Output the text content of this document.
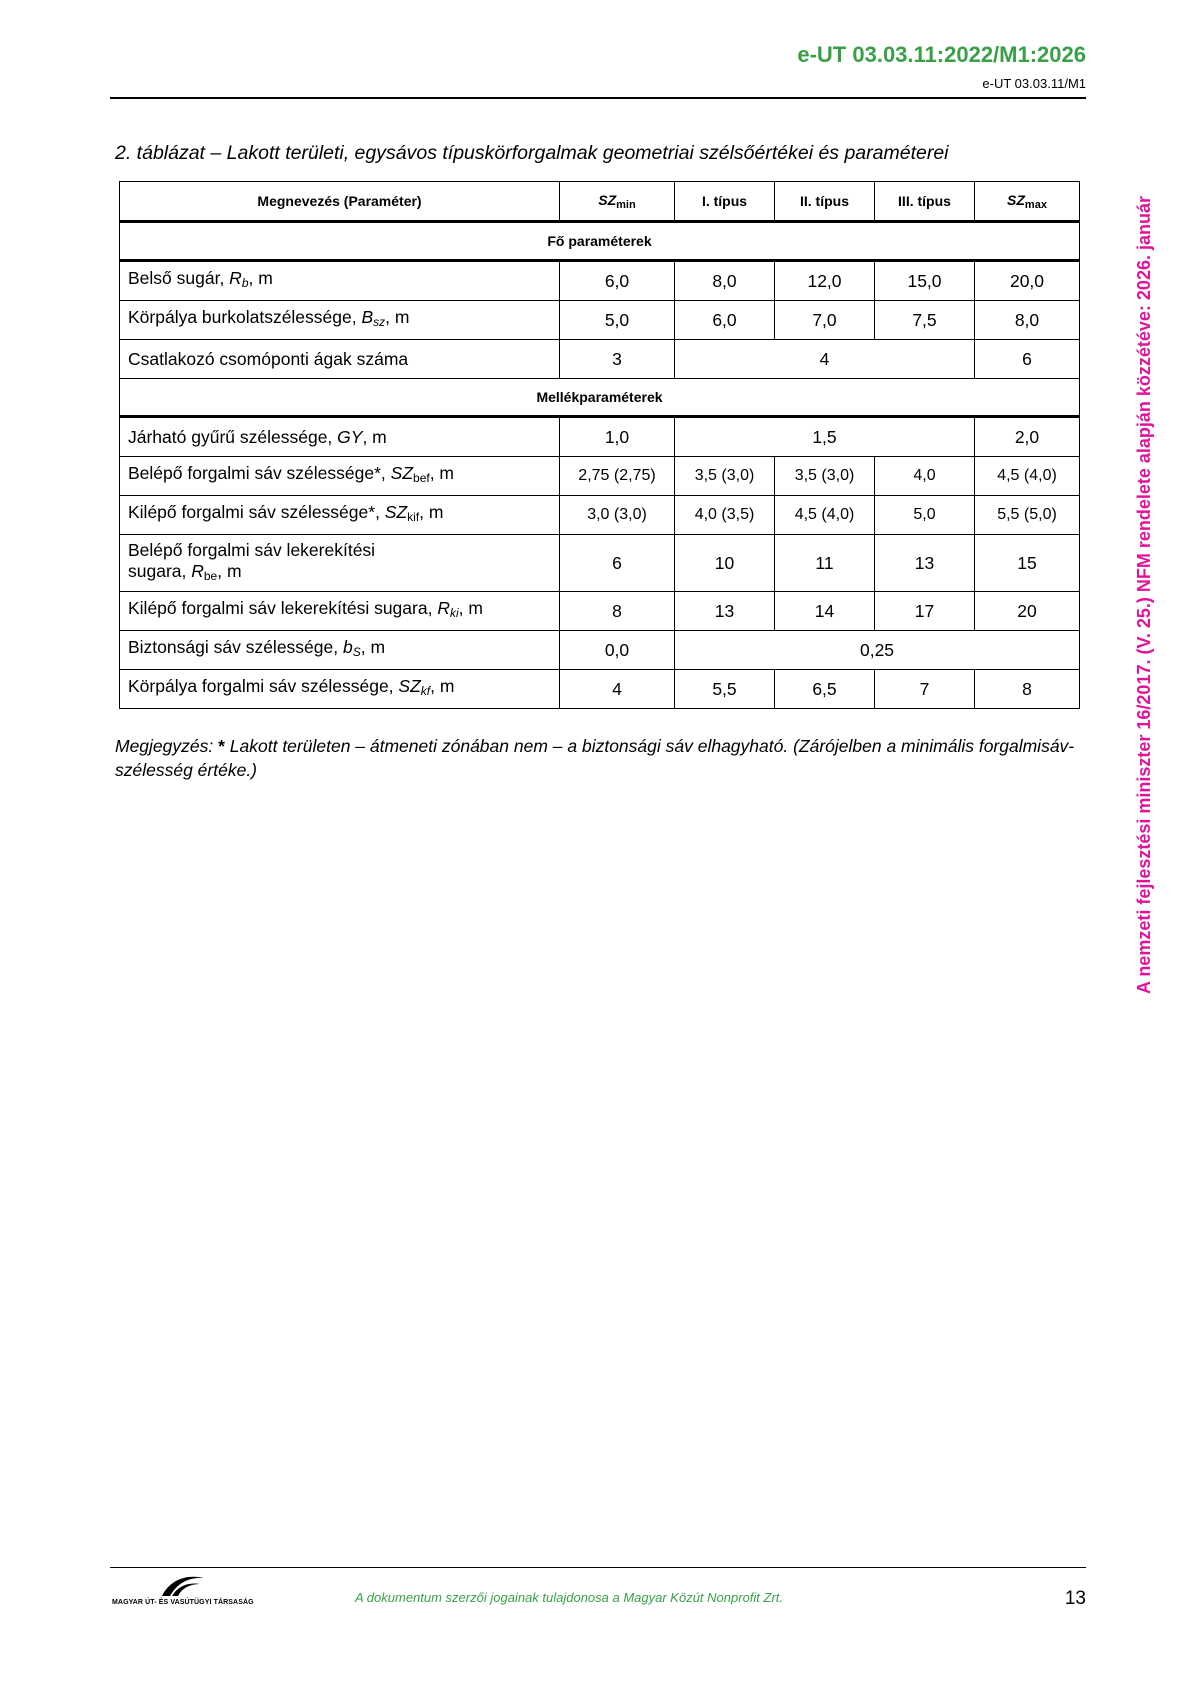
e-UT 03.03.11:2022/M1:2026
e-UT 03.03.11/M1
2. táblázat – Lakott területi, egysávos típuskörforgalmak geometriai szélsőértékei és paraméterei
Megnevezés (Paraméter)	$SZ_{min}$	I. típus	II. típus	III. típus	$SZ_{max}$
Fő paraméterek					
Belső sugár, $R_b$, m	6,0	8,0	12,0	15,0	20,0
Körpálya burkolatszélessége, $B_{sz}$, m	5,0	6,0	7,0	7,5	8,0
Csatlakozó csomóponti ágak száma	3	4			6
Mellékparaméterek					
Járható gyűrű szélessége, GY, m	1,0	1,5			2,0
Belépő forgalmi sáv szélessége*, $SZ_{bef}$, m	2,75 (2,75)	3,5 (3,0)	3,5 (3,0)	4,0	4,5 (4,0)
Kilépő forgalmi sáv szélessége*, $SZ_{kif}$, m	3,0 (3,0)	4,0 (3,5)	4,5 (4,0)	5,0	5,5 (5,0)
Belépő forgalmi sáv lekerekítési
sugara, $R_{be}$, m	6	10	11	13	15
Kilépő forgalmi sáv lekerekítési sugara, $R_{ki}$, m	8	13	14	17	20
Biztonsági sáv szélessége, $b_S$, m	0,0	0,25			
Körpálya forgalmi sáv szélessége, $SZ_{kf}$, m	4	5,5	6,5	7	8
Megjegyzés: * Lakott területen – átmeneti zónában nem – a biztonsági sáv elhagyható. (Zárójelben a minimális forgalmisáv-szélesség értéke.)	A nemzeti fejlesztési miniszter 16/2017. (V. 25.) NFM rendelete alapján közzétéve: 2026. január
MAGYAR ÚT- ÉS VASÚTÜGYI TÁRSASÁG	A dokumentum szerzői jogainak tulajdonosa a Magyar Közút Nonprofit Zrt.	13
